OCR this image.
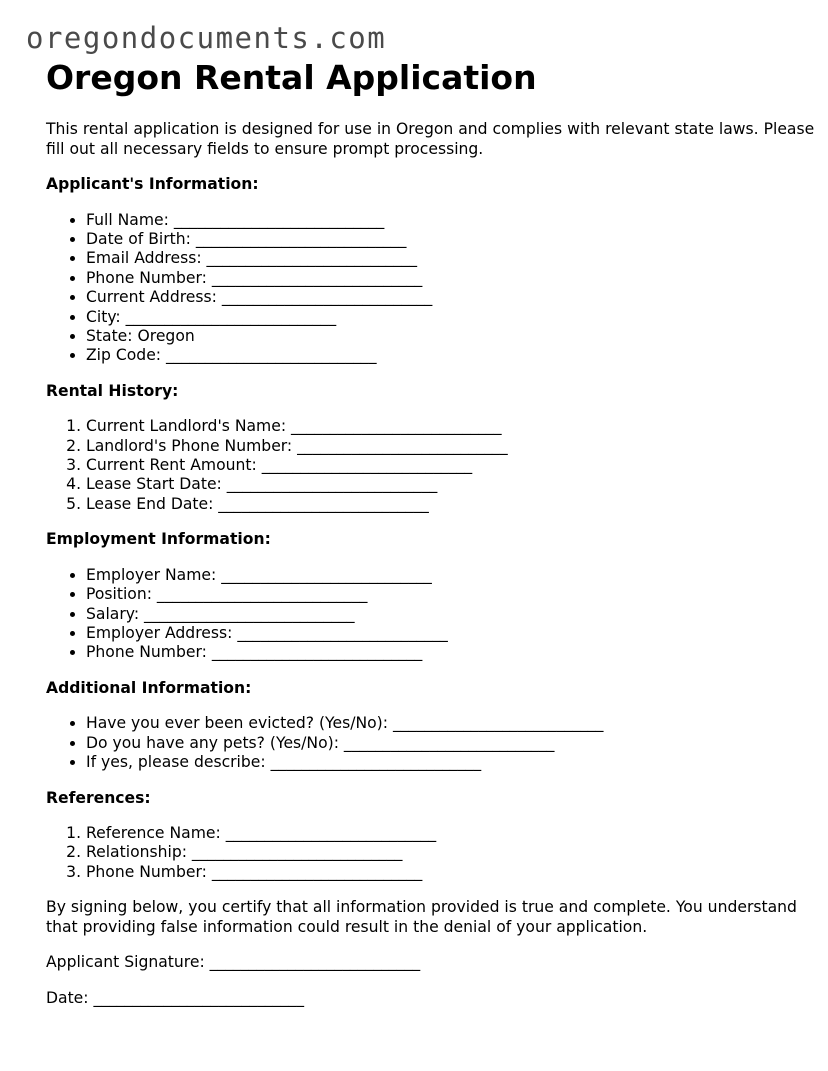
oregondocuments.com
Oregon Rental Application

This rental application is designed for use in Oregon and complies with relevant state laws. Please fill out all necessary fields to ensure prompt processing.

Applicant's Information:
• Full Name: ___________________________
• Date of Birth: ___________________________
• Email Address: ___________________________
• Phone Number: ___________________________
• Current Address: ___________________________
• City: ___________________________
• State: Oregon
• Zip Code: ___________________________
Rental History:
1. Current Landlord's Name: ___________________________
2. Landlord's Phone Number: ___________________________
3. Current Rent Amount: ___________________________
4. Lease Start Date: ___________________________
5. Lease End Date: ___________________________
Employment Information:
• Employer Name: ___________________________
• Position: ___________________________
• Salary: ___________________________
• Employer Address: ___________________________
• Phone Number: ___________________________
Additional Information:
• Have you ever been evicted? (Yes/No): ___________________________
• Do you have any pets? (Yes/No): ___________________________
• If yes, please describe: ___________________________
References:
1. Reference Name: ___________________________
2. Relationship: ___________________________
3. Phone Number: ___________________________

By signing below, you certify that all information provided is true and complete. You understand that providing false information could result in the denial of your application.

Applicant Signature: ___________________________

Date: ___________________________
